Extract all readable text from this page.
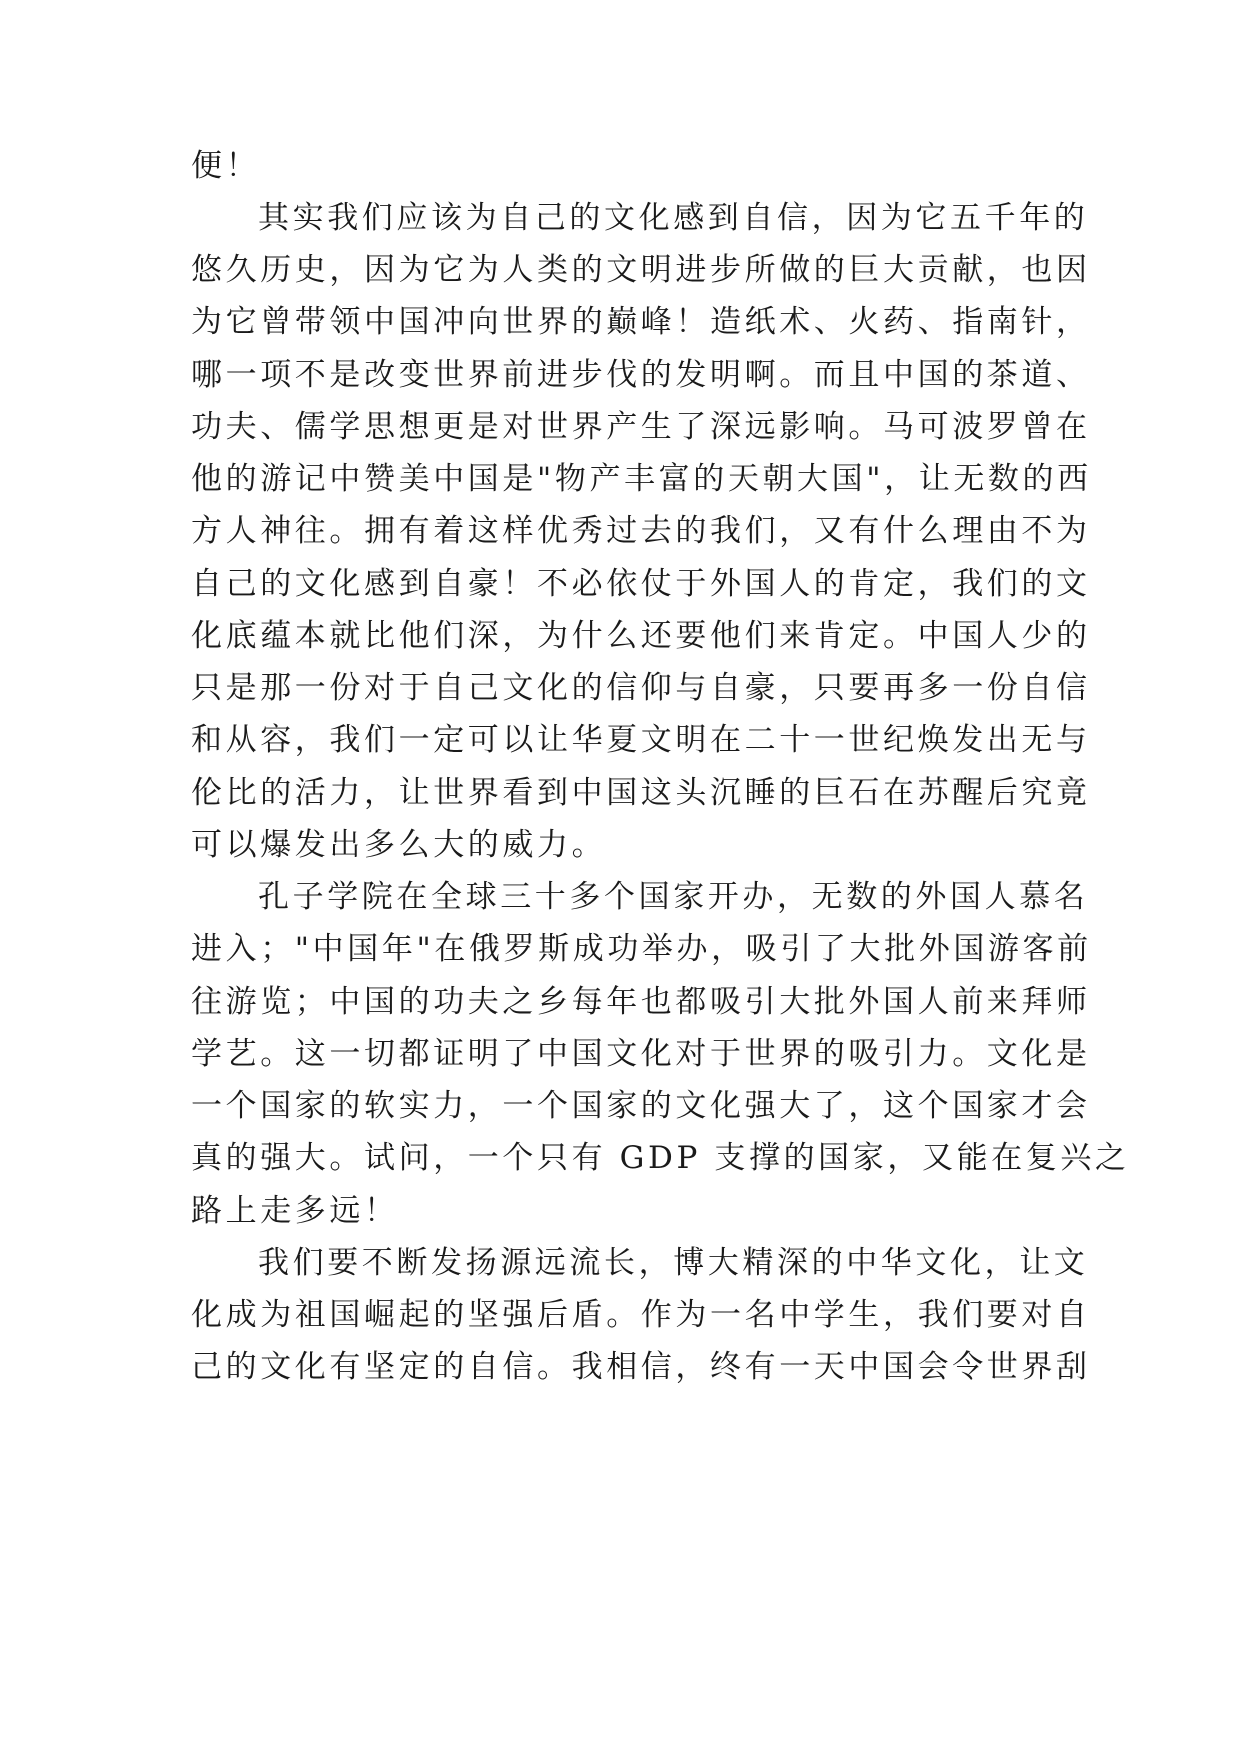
便！
其实我们应该为自己的文化感到自信，因为它五千年的
悠久历史，因为它为人类的文明进步所做的巨大贡献，也因
为它曾带领中国冲向世界的巅峰！造纸术、火药、指南针，
哪一项不是改变世界前进步伐的发明啊。而且中国的茶道、
功夫、儒学思想更是对世界产生了深远影响。马可波罗曾在
他的游记中赞美中国是"物产丰富的天朝大国"，让无数的西
方人神往。拥有着这样优秀过去的我们，又有什么理由不为
自己的文化感到自豪！不必依仗于外国人的肯定，我们的文
化底蕴本就比他们深，为什么还要他们来肯定。中国人少的
只是那一份对于自己文化的信仰与自豪，只要再多一份自信
和从容，我们一定可以让华夏文明在二十一世纪焕发出无与
伦比的活力，让世界看到中国这头沉睡的巨石在苏醒后究竟
可以爆发出多么大的威力。
孔子学院在全球三十多个国家开办，无数的外国人慕名
进入；"中国年"在俄罗斯成功举办，吸引了大批外国游客前
往游览；中国的功夫之乡每年也都吸引大批外国人前来拜师
学艺。这一切都证明了中国文化对于世界的吸引力。文化是
一个国家的软实力，一个国家的文化强大了，这个国家才会
真的强大。试问，一个只有 GDP 支撑的国家，又能在复兴之
路上走多远！
我们要不断发扬源远流长，博大精深的中华文化，让文
化成为祖国崛起的坚强后盾。作为一名中学生，我们要对自
己的文化有坚定的自信。我相信，终有一天中国会令世界刮
